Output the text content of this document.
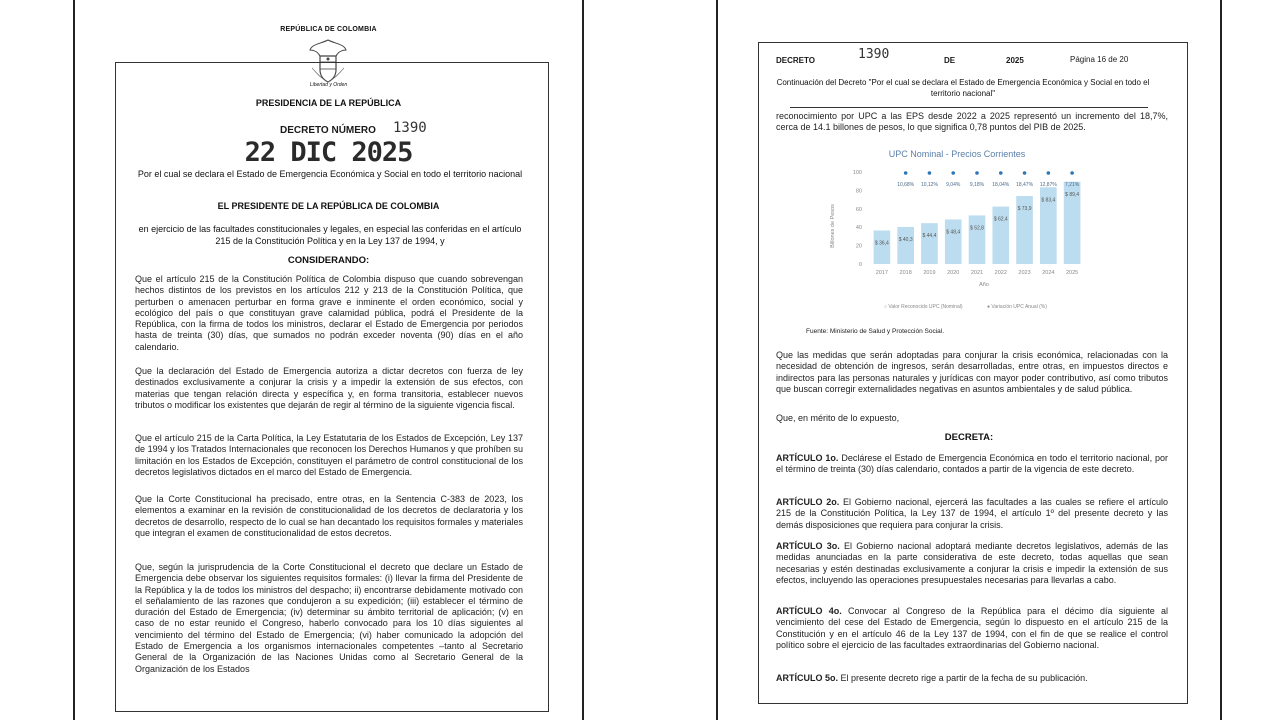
REPÚBLICA DE COLOMBIA
Libertad y Orden
PRESIDENCIA DE LA REPÚBLICA
DECRETO NÚMERO 1390
22 DIC 2025
Por el cual se declara el Estado de Emergencia Económica y Social en todo el territorio nacional
EL PRESIDENTE DE LA REPÚBLICA DE COLOMBIA
en ejercicio de las facultades constitucionales y legales, en especial las conferidas en el artículo 215 de la Constitución Política y en la Ley 137 de 1994, y
CONSIDERANDO:
Que el artículo 215 de la Constitución Política de Colombia dispuso que cuando sobrevengan hechos distintos de los previstos en los artículos 212 y 213 de la Constitución Política, que perturben o amenacen perturbar en forma grave e inminente el orden económico, social y ecológico del país o que constituyan grave calamidad pública, podrá el Presidente de la República, con la firma de todos los ministros, declarar el Estado de Emergencia por periodos hasta de treinta (30) días, que sumados no podrán exceder noventa (90) días en el año calendario.
Que la declaración del Estado de Emergencia autoriza a dictar decretos con fuerza de ley destinados exclusivamente a conjurar la crisis y a impedir la extensión de sus efectos, con materias que tengan relación directa y específica y, en forma transitoria, establecer nuevos tributos o modificar los existentes que dejarán de regir al término de la siguiente vigencia fiscal.
Que el artículo 215 de la Carta Política, la Ley Estatutaria de los Estados de Excepción, Ley 137 de 1994 y los Tratados Internacionales que reconocen los Derechos Humanos y que prohíben su limitación en los Estados de Excepción, constituyen el parámetro de control constitucional de los decretos legislativos dictados en el marco del Estado de Emergencia.
Que la Corte Constitucional ha precisado, entre otras, en la Sentencia C-383 de 2023, los elementos a examinar en la revisión de constitucionalidad de los decretos de declaratoria y los decretos de desarrollo, respecto de lo cual se han decantado los requisitos formales y materiales que integran el examen de constitucionalidad de estos decretos.
Que, según la jurisprudencia de la Corte Constitucional el decreto que declare un Estado de Emergencia debe observar los siguientes requisitos formales: (i) llevar la firma del Presidente de la República y la de todos los ministros del despacho; ii) encontrarse debidamente motivado con el señalamiento de las razones que condujeron a su expedición; (iii) establecer el término de duración del Estado de Emergencia; (iv) determinar su ámbito territorial de aplicación; (v) en caso de no estar reunido el Congreso, haberlo convocado para los 10 días siguientes al vencimiento del término del Estado de Emergencia; (vi) haber comunicado la adopción del Estado de Emergencia a los organismos internacionales competentes –tanto al Secretario General de la Organización de las Naciones Unidas como al Secretario General de la Organización de los Estados
DECRETO	1390	DE	2025	Página 16 de 20
Continuación del Decreto "Por el cual se declara el Estado de Emergencia Económica y Social en todo el territorio nacional"
reconocimiento por UPC a las EPS desde 2022 a 2025 representó un incremento del 18,7%, cerca de 14.1 billones de pesos, lo que significa 0,78 puntos del PIB de 2025.
UPC Nominal - Precios Corrientes
0
20
40
60
80
100
$ 36,4
2017
$ 40,3
2018
$ 44,4
2019
$ 48,4
2020
$ 52,8
2021
$ 62,4
2022
$ 73,9
2023
$ 83,4
2024
$ 89,4
2025
10,68% 10,12% 9,04% 9,18% 18,04% 18,47% 12,87% 7,21%
Billones de Pesos
Año
○ Valor Reconocido UPC (Nominal)	● Variación UPC Anual (%)
Fuente: Ministerio de Salud y Protección Social.
Que las medidas que serán adoptadas para conjurar la crisis económica, relacionadas con la necesidad de obtención de ingresos, serán desarrolladas, entre otras, en impuestos directos e indirectos para las personas naturales y jurídicas con mayor poder contributivo, así como tributos que buscan corregir externalidades negativas en asuntos ambientales y de salud pública.
Que, en mérito de lo expuesto,
DECRETA:
ARTÍCULO 1o. Declárese el Estado de Emergencia Económica en todo el territorio nacional, por el término de treinta (30) días calendario, contados a partir de la vigencia de este decreto.
ARTÍCULO 2o. El Gobierno nacional, ejercerá las facultades a las cuales se refiere el artículo 215 de la Constitución Política, la Ley 137 de 1994, el artículo 1º del presente decreto y las demás disposiciones que requiera para conjurar la crisis.
ARTÍCULO 3o. El Gobierno nacional adoptará mediante decretos legislativos, además de las medidas anunciadas en la parte considerativa de este decreto, todas aquellas que sean necesarias y estén destinadas exclusivamente a conjurar la crisis e impedir la extensión de sus efectos, incluyendo las operaciones presupuestales necesarias para llevarlas a cabo.
ARTÍCULO 4o. Convocar al Congreso de la República para el décimo día siguiente al vencimiento del cese del Estado de Emergencia, según lo dispuesto en el artículo 215 de la Constitución y en el artículo 46 de la Ley 137 de 1994, con el fin de que se realice el control político sobre el ejercicio de las facultades extraordinarias del Gobierno nacional.
ARTÍCULO 5o. El presente decreto rige a partir de la fecha de su publicación.
